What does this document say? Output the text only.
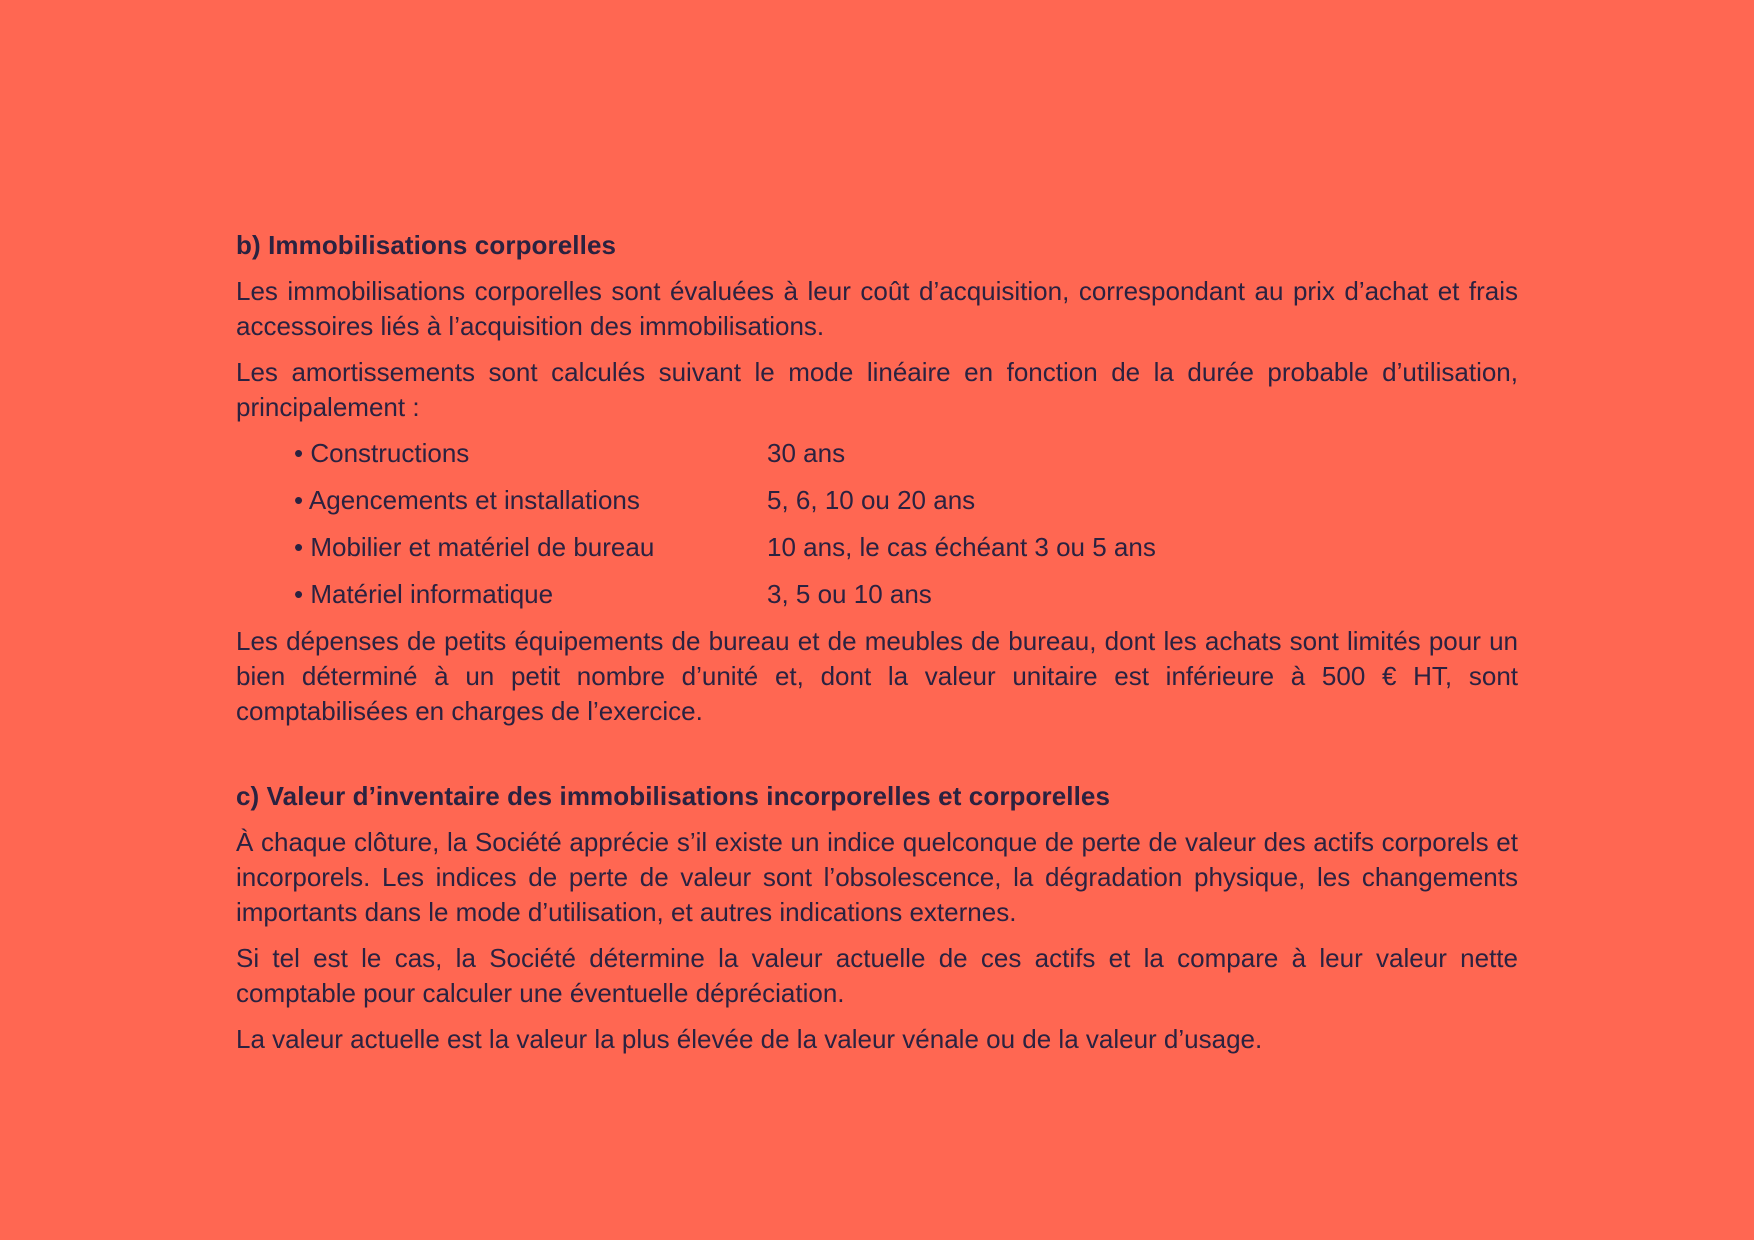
b) Immobilisations corporelles

Les immobilisations corporelles sont évaluées à leur coût d’acquisition, correspondant au prix d’achat et frais accessoires liés à l’acquisition des immobilisations.

Les amortissements sont calculés suivant le mode linéaire en fonction de la durée probable d’utilisation, principalement :

• Constructions	30 ans
• Agencements et installations	5, 6, 10 ou 20 ans
• Mobilier et matériel de bureau	10 ans, le cas échéant 3 ou 5 ans
• Matériel informatique	3, 5 ou 10 ans

Les dépenses de petits équipements de bureau et de meubles de bureau, dont les achats sont limités pour un bien déterminé à un petit nombre d’unité et, dont la valeur unitaire est inférieure à 500 € HT, sont comptabilisées en charges de l’exercice.

c) Valeur d’inventaire des immobilisations incorporelles et corporelles

À chaque clôture, la Société apprécie s’il existe un indice quelconque de perte de valeur des actifs corporels et incorporels. Les indices de perte de valeur sont l’obsolescence, la dégradation physique, les changements importants dans le mode d’utilisation, et autres indications externes.

Si tel est le cas, la Société détermine la valeur actuelle de ces actifs et la compare à leur valeur nette comptable pour calculer une éventuelle dépréciation.

La valeur actuelle est la valeur la plus élevée de la valeur vénale ou de la valeur d’usage.
